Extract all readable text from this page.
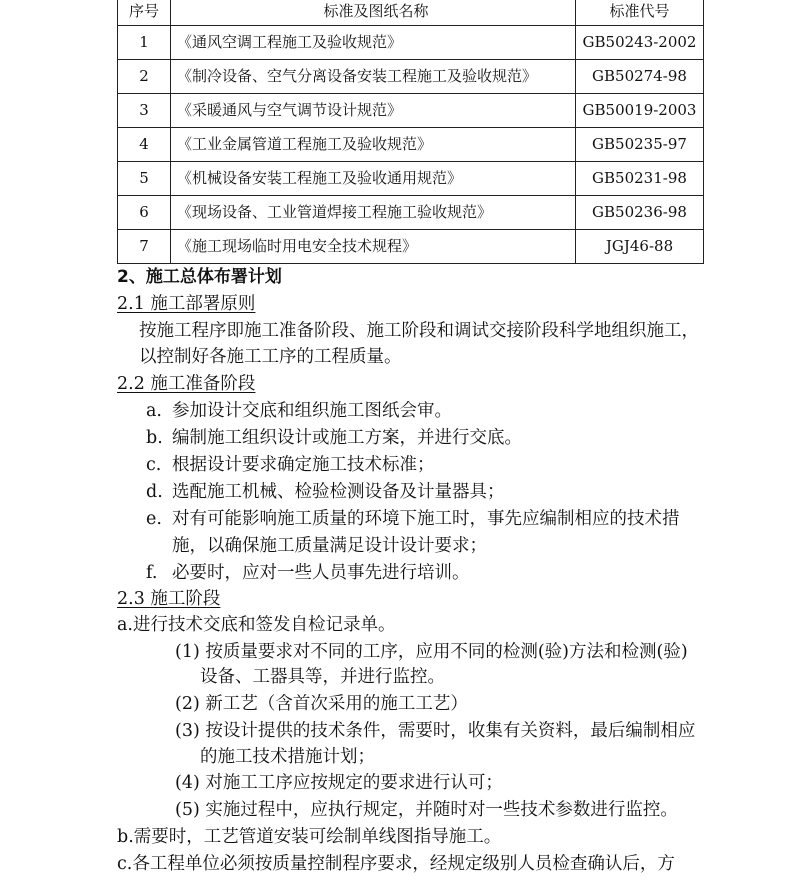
序号	标准及图纸名称	标准代号
1	《通风空调工程施工及验收规范》	GB50243-2002
2	《制冷设备、空气分离设备安装工程施工及验收规范》	GB50274-98
3	《采暖通风与空气调节设计规范》	GB50019-2003
4	《工业金属管道工程施工及验收规范》	GB50235-97
5	《机械设备安装工程施工及验收通用规范》	GB50231-98
6	《现场设备、工业管道焊接工程施工验收规范》	GB50236-98
7	《施工现场临时用电安全技术规程》	JGJ46-88
2、施工总体布署计划
2.1 施工部署原则
按施工程序即施工准备阶段、施工阶段和调试交接阶段科学地组织施工，
以控制好各施工工序的工程质量。
2.2 施工准备阶段
a. 参加设计交底和组织施工图纸会审。
b. 编制施工组织设计或施工方案，并进行交底。
c. 根据设计要求确定施工技术标准；
d. 选配施工机械、检验检测设备及计量器具；
e. 对有可能影响施工质量的环境下施工时，事先应编制相应的技术措
施，以确保施工质量满足设计设计要求；
f. 必要时，应对一些人员事先进行培训。
2.3 施工阶段
a.进行技术交底和签发自检记录单。
(1) 按质量要求对不同的工序，应用不同的检测(验)方法和检测(验)
设备、工器具等，并进行监控。
(2) 新工艺（含首次采用的施工工艺）
(3) 按设计提供的技术条件，需要时，收集有关资料，最后编制相应
的施工技术措施计划；
(4) 对施工工序应按规定的要求进行认可；
(5) 实施过程中，应执行规定，并随时对一些技术参数进行监控。
b.需要时，工艺管道安装可绘制单线图指导施工。
c.各工程单位必须按质量控制程序要求，经规定级别人员检查确认后，方
